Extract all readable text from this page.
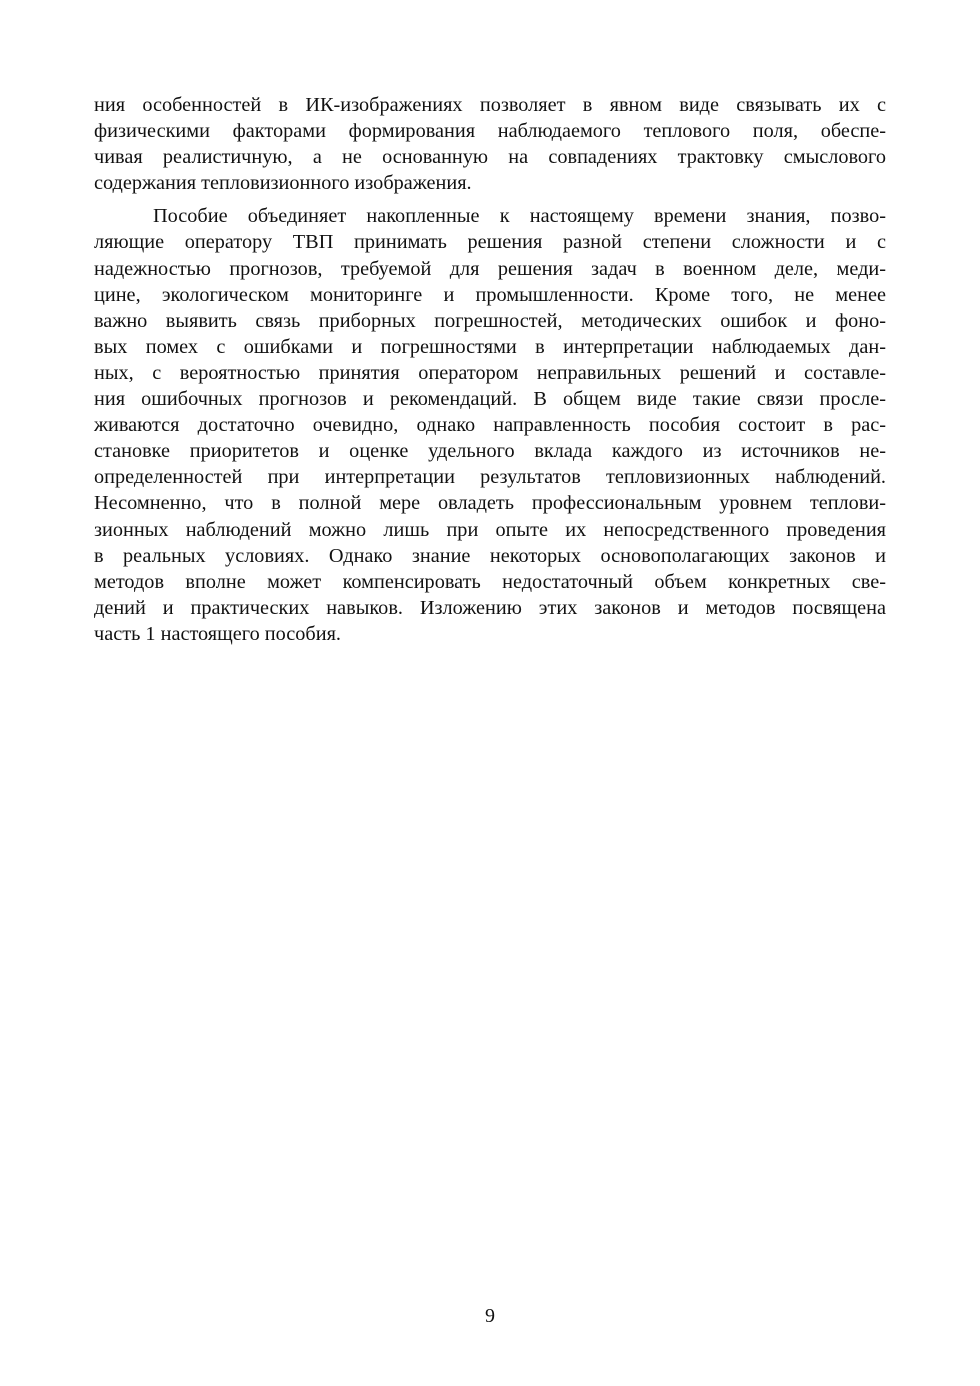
ния особенностей в ИК-изображениях позволяет в явном виде связывать их с
физическими факторами формирования наблюдаемого теплового поля, обеспе-
чивая реалистичную, а не основанную на совпадениях трактовку смыслового
содержания тепловизионного изображения.

Пособие объединяет накопленные к настоящему времени знания, позво-
ляющие оператору ТВП принимать решения разной степени сложности и с
надежностью прогнозов, требуемой для решения задач в военном деле, меди-
цине, экологическом мониторинге и промышленности. Кроме того, не менее
важно выявить связь приборных погрешностей, методических ошибок и фоно-
вых помех с ошибками и погрешностями в интерпретации наблюдаемых дан-
ных, с вероятностью принятия оператором неправильных решений и составле-
ния ошибочных прогнозов и рекомендаций. В общем виде такие связи просле-
живаются достаточно очевидно, однако направленность пособия состоит в рас-
становке приоритетов и оценке удельного вклада каждого из источников не-
определенностей при интерпретации результатов тепловизионных наблюдений.
Несомненно, что в полной мере овладеть профессиональным уровнем теплови-
зионных наблюдений можно лишь при опыте их непосредственного проведения
в реальных условиях. Однако знание некоторых основополагающих законов и
методов вполне может компенсировать недостаточный объем конкретных све-
дений и практических навыков. Изложению этих законов и методов посвящена
часть 1 настоящего пособия.

9
